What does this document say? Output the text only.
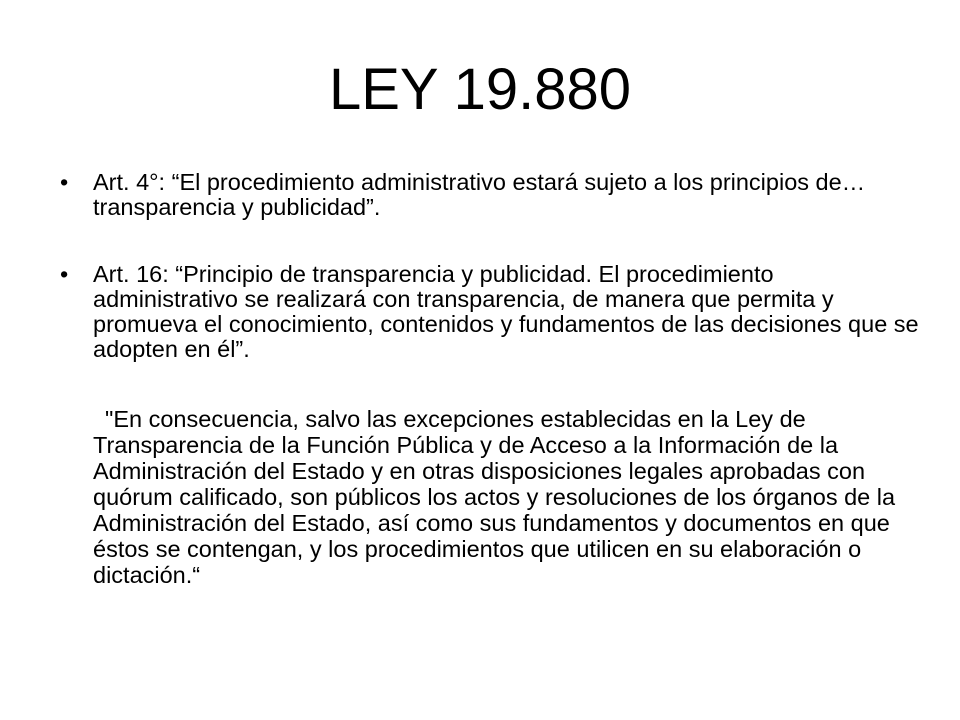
LEY 19.880
• Art. 4°: “El procedimiento administrativo estará sujeto a los principios de… transparencia y publicidad”.
• Art. 16: “Principio de transparencia y publicidad. El procedimiento administrativo se realizará con transparencia, de manera que permita y promueva el conocimiento, contenidos y fundamentos de las decisiones que se adopten en él”.

"En consecuencia, salvo las excepciones establecidas en la Ley de Transparencia de la Función Pública y de Acceso a la Información de la Administración del Estado y en otras disposiciones legales aprobadas con quórum calificado, son públicos los actos y resoluciones de los órganos de la Administración del Estado, así como sus fundamentos y documentos en que éstos se contengan, y los procedimientos que utilicen en su elaboración o dictación.“
